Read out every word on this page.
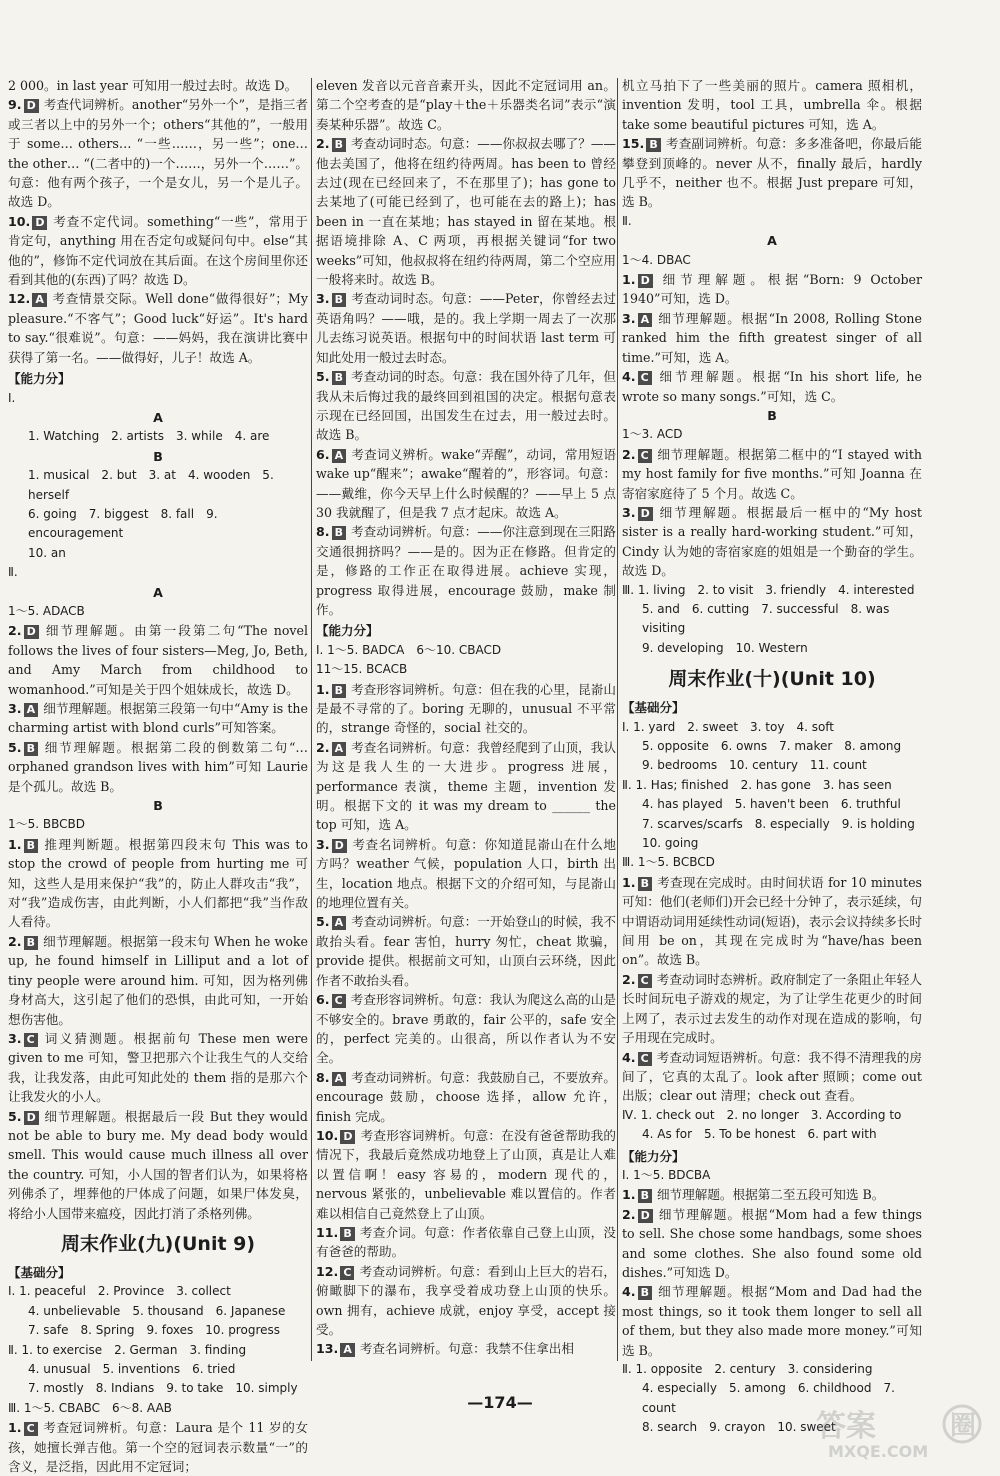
2 000。in last year 可知用一般过去时。故选 D。

9. D 考查代词辨析。another“另外一个”，是指三者或三者以上中的另外一个；others“其他的”，一般用于 some… others… “一些……，另一些”；one… the other… “(二者中的)一个……，另外一个……”。句意：他有两个孩子，一个是女儿，另一个是儿子。故选 D。

10. D 考查不定代词。something“一些”，常用于肯定句，anything 用在否定句或疑问句中。else“其他的”，修饰不定代词放在其后面。在这个房间里你还看到其他的(东西)了吗？故选 D。

12. A 考查情景交际。Well done“做得很好”；My pleasure.“不客气”；Good luck“好运”。It's hard to say.“很难说”。句意：——妈妈，我在演讲比赛中获得了第一名。——做得好，儿子！故选 A。

【能力分】

Ⅰ.

A

1. Watching　2. artists　3. while　4. are

B

1. musical　2. but　3. at　4. wooden　5. herself

6. going　7. biggest　8. fall　9. encouragement

10. an

Ⅱ.

A

1～5. ADACB

2. D 细节理解题。由第一段第二句“The novel follows the lives of four sisters—Meg, Jo, Beth, and Amy March from childhood to womanhood.”可知是关于四个姐妹成长，故选 D。

3. A 细节理解题。根据第三段第一句中“Amy is the charming artist with blond curls”可知答案。

5. B 细节理解题。根据第二段的倒数第二句“… orphaned grandson lives with him”可知 Laurie 是个孤儿。故选 B。

B

1～5. BBCBD

1. B 推理判断题。根据第四段末句 This was to stop the crowd of people from hurting me 可知，这些人是用来保护“我”的，防止人群攻击“我”，对“我”造成伤害，由此判断，小人们都把“我”当作敌人看待。

2. B 细节理解题。根据第一段末句 When he woke up, he found himself in Lilliput and a lot of tiny people were around him. 可知，因为格列佛身材高大，这引起了他们的恐惧，由此可知，一开始想伤害他。

3. C 词义猜测题。根据前句 These men were given to me 可知，警卫把那六个让我生气的人交给我，让我发落，由此可知此处的 them 指的是那六个让我发火的小人。

5. D 细节理解题。根据最后一段 But they would not be able to bury me. My dead body would smell. This would cause much illness all over the country. 可知，小人国的智者们认为，如果将格列佛杀了，埋葬他的尸体成了问题，如果尸体发臭，将给小人国带来瘟疫，因此打消了杀格列佛。

周末作业(九)(Unit 9)

【基础分】

Ⅰ. 1. peaceful　2. Province　3. collect

4. unbelievable　5. thousand　6. Japanese

7. safe　8. Spring　9. foxes　10. progress

Ⅱ. 1. to exercise　2. German　3. finding

4. unusual　5. inventions　6. tried

7. mostly　8. Indians　9. to take　10. simply

Ⅲ. 1～5. CBABC　6～8. AAB

1. C 考查冠词辨析。句意：Laura 是个 11 岁的女孩，她擅长弹吉他。第一个空的冠词表示数量“一”的含义，是泛指，因此用不定冠词；

eleven 发音以元音音素开头，因此不定冠词用 an。第二个空考查的是“play＋the＋乐器类名词”表示“演奏某种乐器”。故选 C。

2. B 考查动词时态。句意：——你叔叔去哪了？——他去美国了，他将在纽约待两周。has been to 曾经去过(现在已经回来了，不在那里了)；has gone to 去某地了(可能已经到了，也可能在去的路上)；has been in 一直在某地；has stayed in 留在某地。根据语境排除 A、C 两项，再根据关键词“for two weeks”可知，他叔叔将在纽约待两周，第二个空应用一般将来时。故选 B。

3. B 考查动词时态。句意：——Peter，你曾经去过英语角吗？——哦，是的。我上学期一周去了一次那儿去练习说英语。根据句中的时间状语 last term 可知此处用一般过去时态。

5. B 考查动词的时态。句意：我在国外待了几年，但我从未后悔过我的最终回到祖国的决定。根据句意表示现在已经回国，出国发生在过去，用一般过去时。故选 B。

6. A 考查词义辨析。wake“弄醒”，动词，常用短语 wake up“醒来”；awake“醒着的”，形容词。句意：——戴维，你今天早上什么时候醒的？——早上 5 点 30 我就醒了，但是我 7 点才起床。故选 A。

8. B 考查动词辨析。句意：——你注意到现在三阳路交通很拥挤吗？——是的。因为正在修路。但肯定的是，修路的工作正在取得进展。achieve 实现，progress 取得进展，encourage 鼓励，make 制作。

【能力分】

Ⅰ. 1～5. BADCA　6～10. CBACD

11～15. BCACB

1. B 考查形容词辨析。句意：但在我的心里，昆嵛山是最不寻常的了。boring 无聊的，unusual 不平常的，strange 奇怪的，social 社交的。

2. A 考查名词辨析。句意：我曾经爬到了山顶，我认为这是我人生的一大进步。progress 进展，performance 表演，theme 主题，invention 发明。根据下文的 it was my dream to ______ the top 可知，选 A。

3. D 考查名词辨析。句意：你知道昆嵛山在什么地方吗？weather 气候，population 人口，birth 出生，location 地点。根据下文的介绍可知，与昆嵛山的地理位置有关。

5. A 考查动词辨析。句意：一开始登山的时候，我不敢抬头看。fear 害怕，hurry 匆忙，cheat 欺骗，provide 提供。根据前文可知，山顶白云环绕，因此作者不敢抬头看。

6. C 考查形容词辨析。句意：我认为爬这么高的山是不够安全的。brave 勇敢的，fair 公平的，safe 安全的，perfect 完美的。山很高，所以作者认为不安全。

8. A 考查动词辨析。句意：我鼓励自己，不要放弃。encourage 鼓励，choose 选择，allow 允许，finish 完成。

10. D 考查形容词辨析。句意：在没有爸爸帮助我的情况下，我最后竟然成功地登上了山顶，真是让人难以置信啊！easy 容易的，modern 现代的，nervous 紧张的，unbelievable 难以置信的。作者难以相信自己竟然登上了山顶。

11. B 考查介词。句意：作者依靠自己登上山顶，没有爸爸的帮助。

12. C 考查动词辨析。句意：看到山上巨大的岩石，俯瞰脚下的瀑布，我享受着成功登上山顶的快乐。own 拥有，achieve 成就，enjoy 享受，accept 接受。

13. A 考查名词辨析。句意：我禁不住拿出相

机立马拍下了一些美丽的照片。camera 照相机，invention 发明，tool 工具，umbrella 伞。根据 take some beautiful pictures 可知，选 A。

15. B 考查副词辨析。句意：多多准备吧，你最后能攀登到顶峰的。never 从不，finally 最后，hardly 几乎不，neither 也不。根据 Just prepare 可知，选 B。

Ⅱ.

A

1～4. DBAC

1. D 细节理解题。根据“Born: 9 October 1940”可知，选 D。

3. A 细节理解题。根据“In 2008, Rolling Stone ranked him the fifth greatest singer of all time.”可知，选 A。

4. C 细节理解题。根据“In his short life, he wrote so many songs.”可知，选 C。

B

1～3. ACD

2. C 细节理解题。根据第二框中的“I stayed with my host family for five months.”可知 Joanna 在寄宿家庭待了 5 个月。故选 C。

3. D 细节理解题。根据最后一框中的“My host sister is a really hard-working student.”可知，Cindy 认为她的寄宿家庭的姐姐是一个勤奋的学生。故选 D。

Ⅲ. 1. living　2. to visit　3. friendly　4. interested

5. and　6. cutting　7. successful　8. was visiting

9. developing　10. Western

周末作业(十)(Unit 10)

【基础分】

Ⅰ. 1. yard　2. sweet　3. toy　4. soft

5. opposite　6. owns　7. maker　8. among

9. bedrooms　10. century　11. count

Ⅱ. 1. Has; finished　2. has gone　3. has seen

4. has played　5. haven't been　6. truthful

7. scarves/scarfs　8. especially　9. is holding

10. going

Ⅲ. 1～5. BCBCD

1. B 考查现在完成时。由时间状语 for 10 minutes 可知：他们(老师们)开会已经十分钟了，表示延续，句中谓语动词用延续性动词(短语)，表示会议持续多长时间用 be on，其现在完成时为“have/has been on”。故选 B。

2. C 考查动词时态辨析。政府制定了一条阻止年轻人长时间玩电子游戏的规定，为了让学生花更少的时间上网了，表示过去发生的动作对现在造成的影响，句子用现在完成时。

4. C 考查动词短语辨析。句意：我不得不清理我的房间了，它真的太乱了。look after 照顾；come out 出版；clear out 清理；check out 查看。

Ⅳ. 1. check out　2. no longer　3. According to

4. As for　5. To be honest　6. part with

【能力分】

Ⅰ. 1～5. BDCBA

1. B 细节理解题。根据第二至五段可知选 B。

2. D 细节理解题。根据“Mom had a few things to sell. She chose some handbags, some shoes and some clothes. She also found some old dishes.”可知选 D。

4. B 细节理解题。根据“Mom and Dad had the most things, so it took them longer to sell all of them, but they also made more money.”可知选 B。

Ⅱ. 1. opposite　2. century　3. considering

4. especially　5. among　6. childhood　7. count

8. search　9. crayon　10. sweet

—174—
答案	圈
MXQE.COM
